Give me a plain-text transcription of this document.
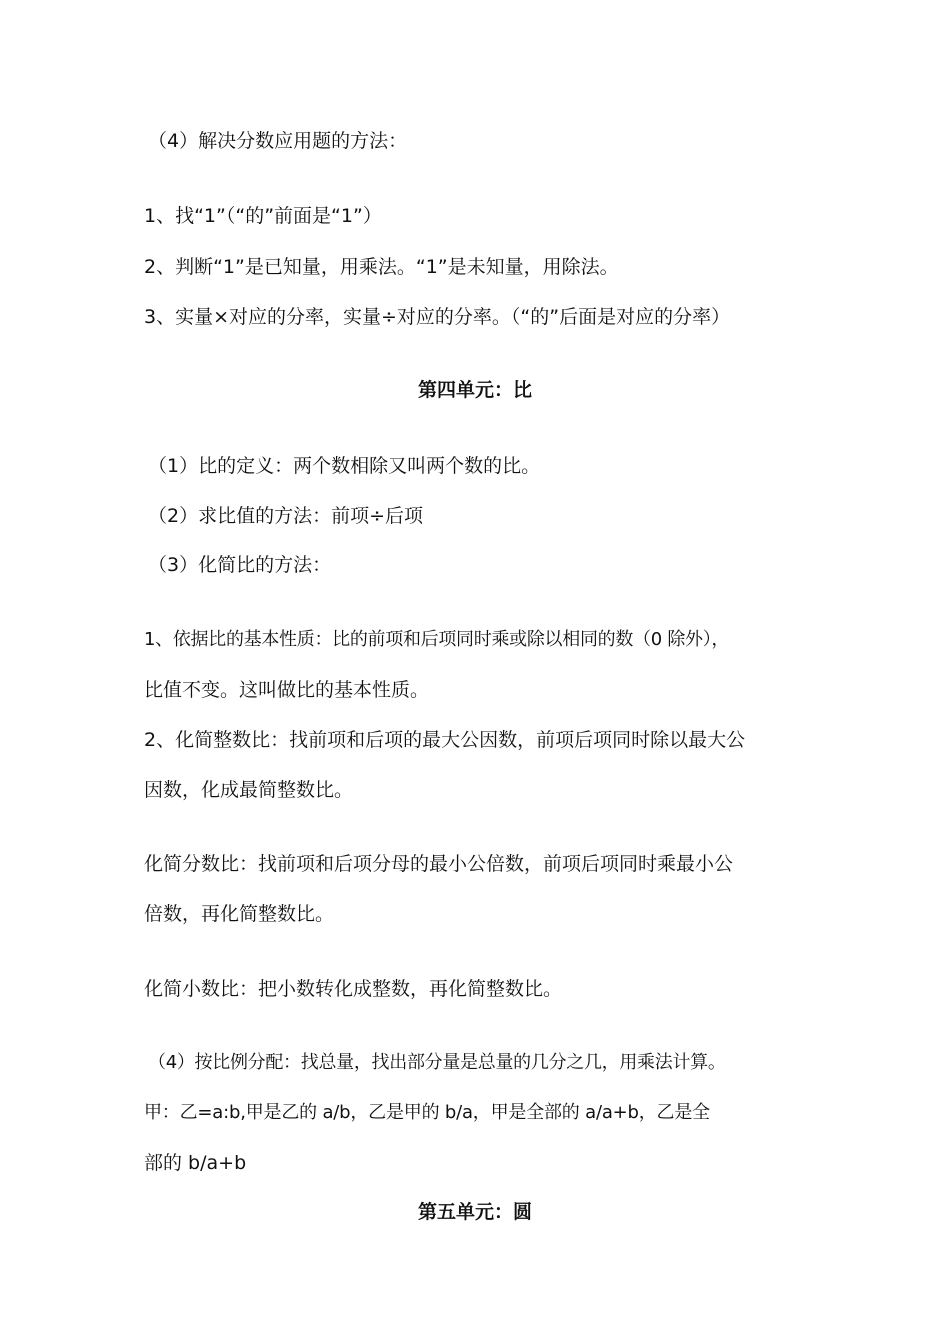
（4）解决分数应用题的方法：
1、找“1”（“的”前面是“1”）
2、判断“1”是已知量，用乘法。“1”是未知量，用除法。
3、实量×对应的分率，实量÷对应的分率。（“的”后面是对应的分率）
第四单元：比
（1）比的定义：两个数相除又叫两个数的比。
（2）求比值的方法：前项÷后项
（3）化简比的方法：
1、依据比的基本性质：比的前项和后项同时乘或除以相同的数（0 除外），
比值不变。这叫做比的基本性质。
2、化简整数比：找前项和后项的最大公因数，前项后项同时除以最大公
因数，化成最简整数比。
化简分数比：找前项和后项分母的最小公倍数，前项后项同时乘最小公
倍数，再化简整数比。
化简小数比：把小数转化成整数，再化简整数比。
（4）按比例分配：找总量，找出部分量是总量的几分之几，用乘法计算。
甲：乙=a:b,甲是乙的 a/b，乙是甲的 b/a，甲是全部的 a/a+b，乙是全
部的 b/a+b
第五单元：圆
